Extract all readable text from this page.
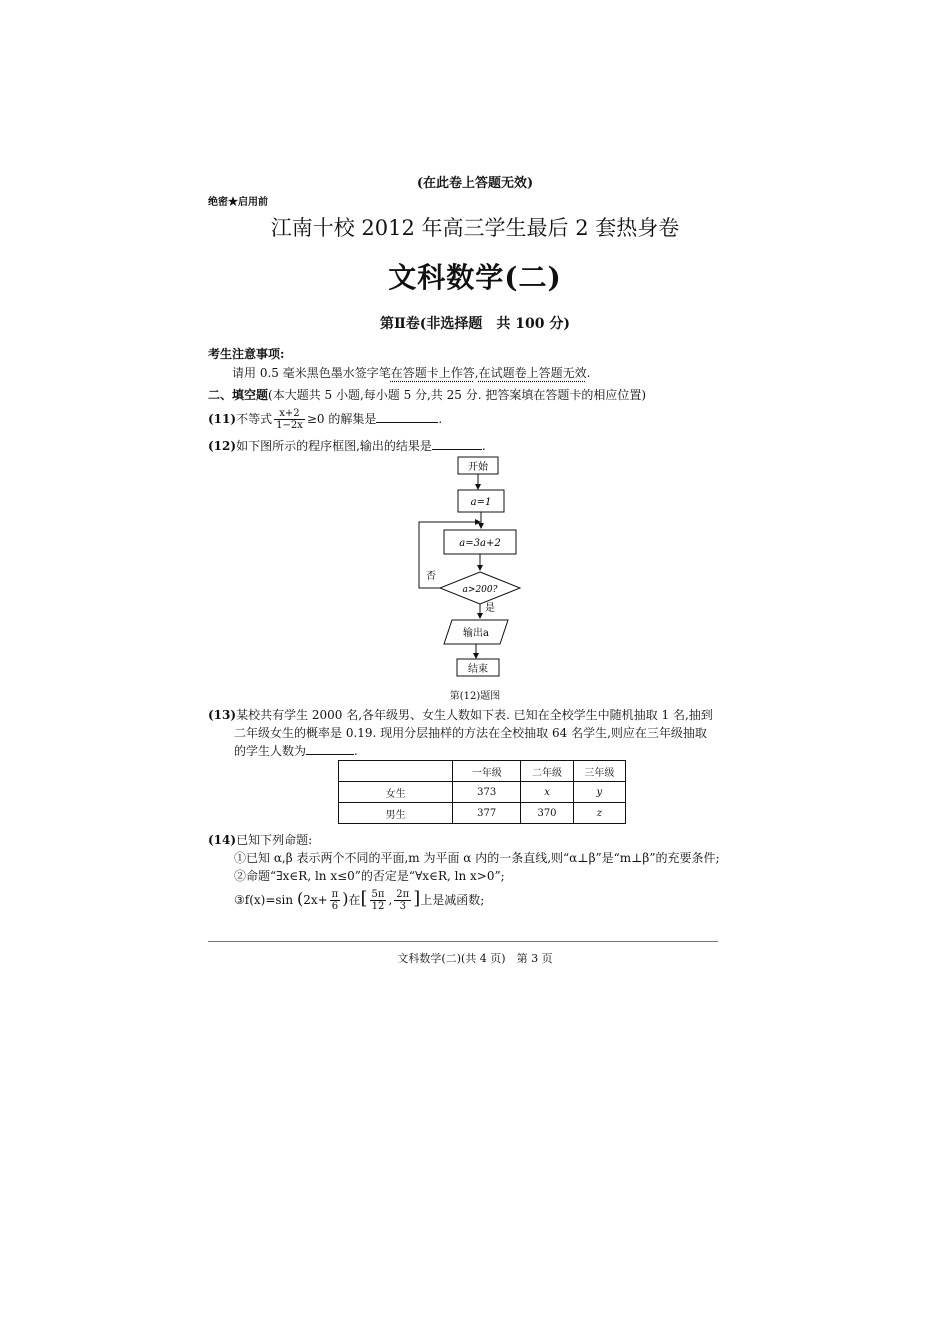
(在此卷上答题无效)
绝密★启用前
江南十校 2012 年高三学生最后 2 套热身卷
文科数学(二)
第Ⅱ卷(非选择题　共 100 分)
考生注意事项:
请用 0.5 毫米黑色墨水签字笔在答题卡上作答,在试题卷上答题无效.
二、填空题(本大题共 5 小题,每小题 5 分,共 25 分. 把答案填在答题卡的相应位置)
(11)不等式 $\frac{x+2}{1-2x} \ge 0$ 的解集是	.
(12)如下图所示的程序框图,输出的结果是	.
开始
a=1
a=3a+2
a>200?
否
是
输出a
结束
第(12)题图
(13)某校共有学生 2000 名,各年级男、女生人数如下表. 已知在全校学生中随机抽取 1 名,抽到
二年级女生的概率是 0.19. 现用分层抽样的方法在全校抽取 64 名学生,则应在三年级抽取
的学生人数为	.
	一年级	二年级	三年级
女生	373	x	y
男生	377	370	z
(14)已知下列命题:
①已知 α,β 表示两个不同的平面,m 为平面 α 内的一条直线,则“α⊥β”是“m⊥β”的充要条件;
②命题“∃x∈R, ln x≤0”的否定是“∀x∈R, ln x>0”;
③f(x)=sin ($2x+ \frac{\pi}{6}$ )在[ $\frac{5\pi}{12}$ , $\frac{2\pi}{3}$ ]上是减函数;
文科数学(二)(共 4 页)　第 3 页
